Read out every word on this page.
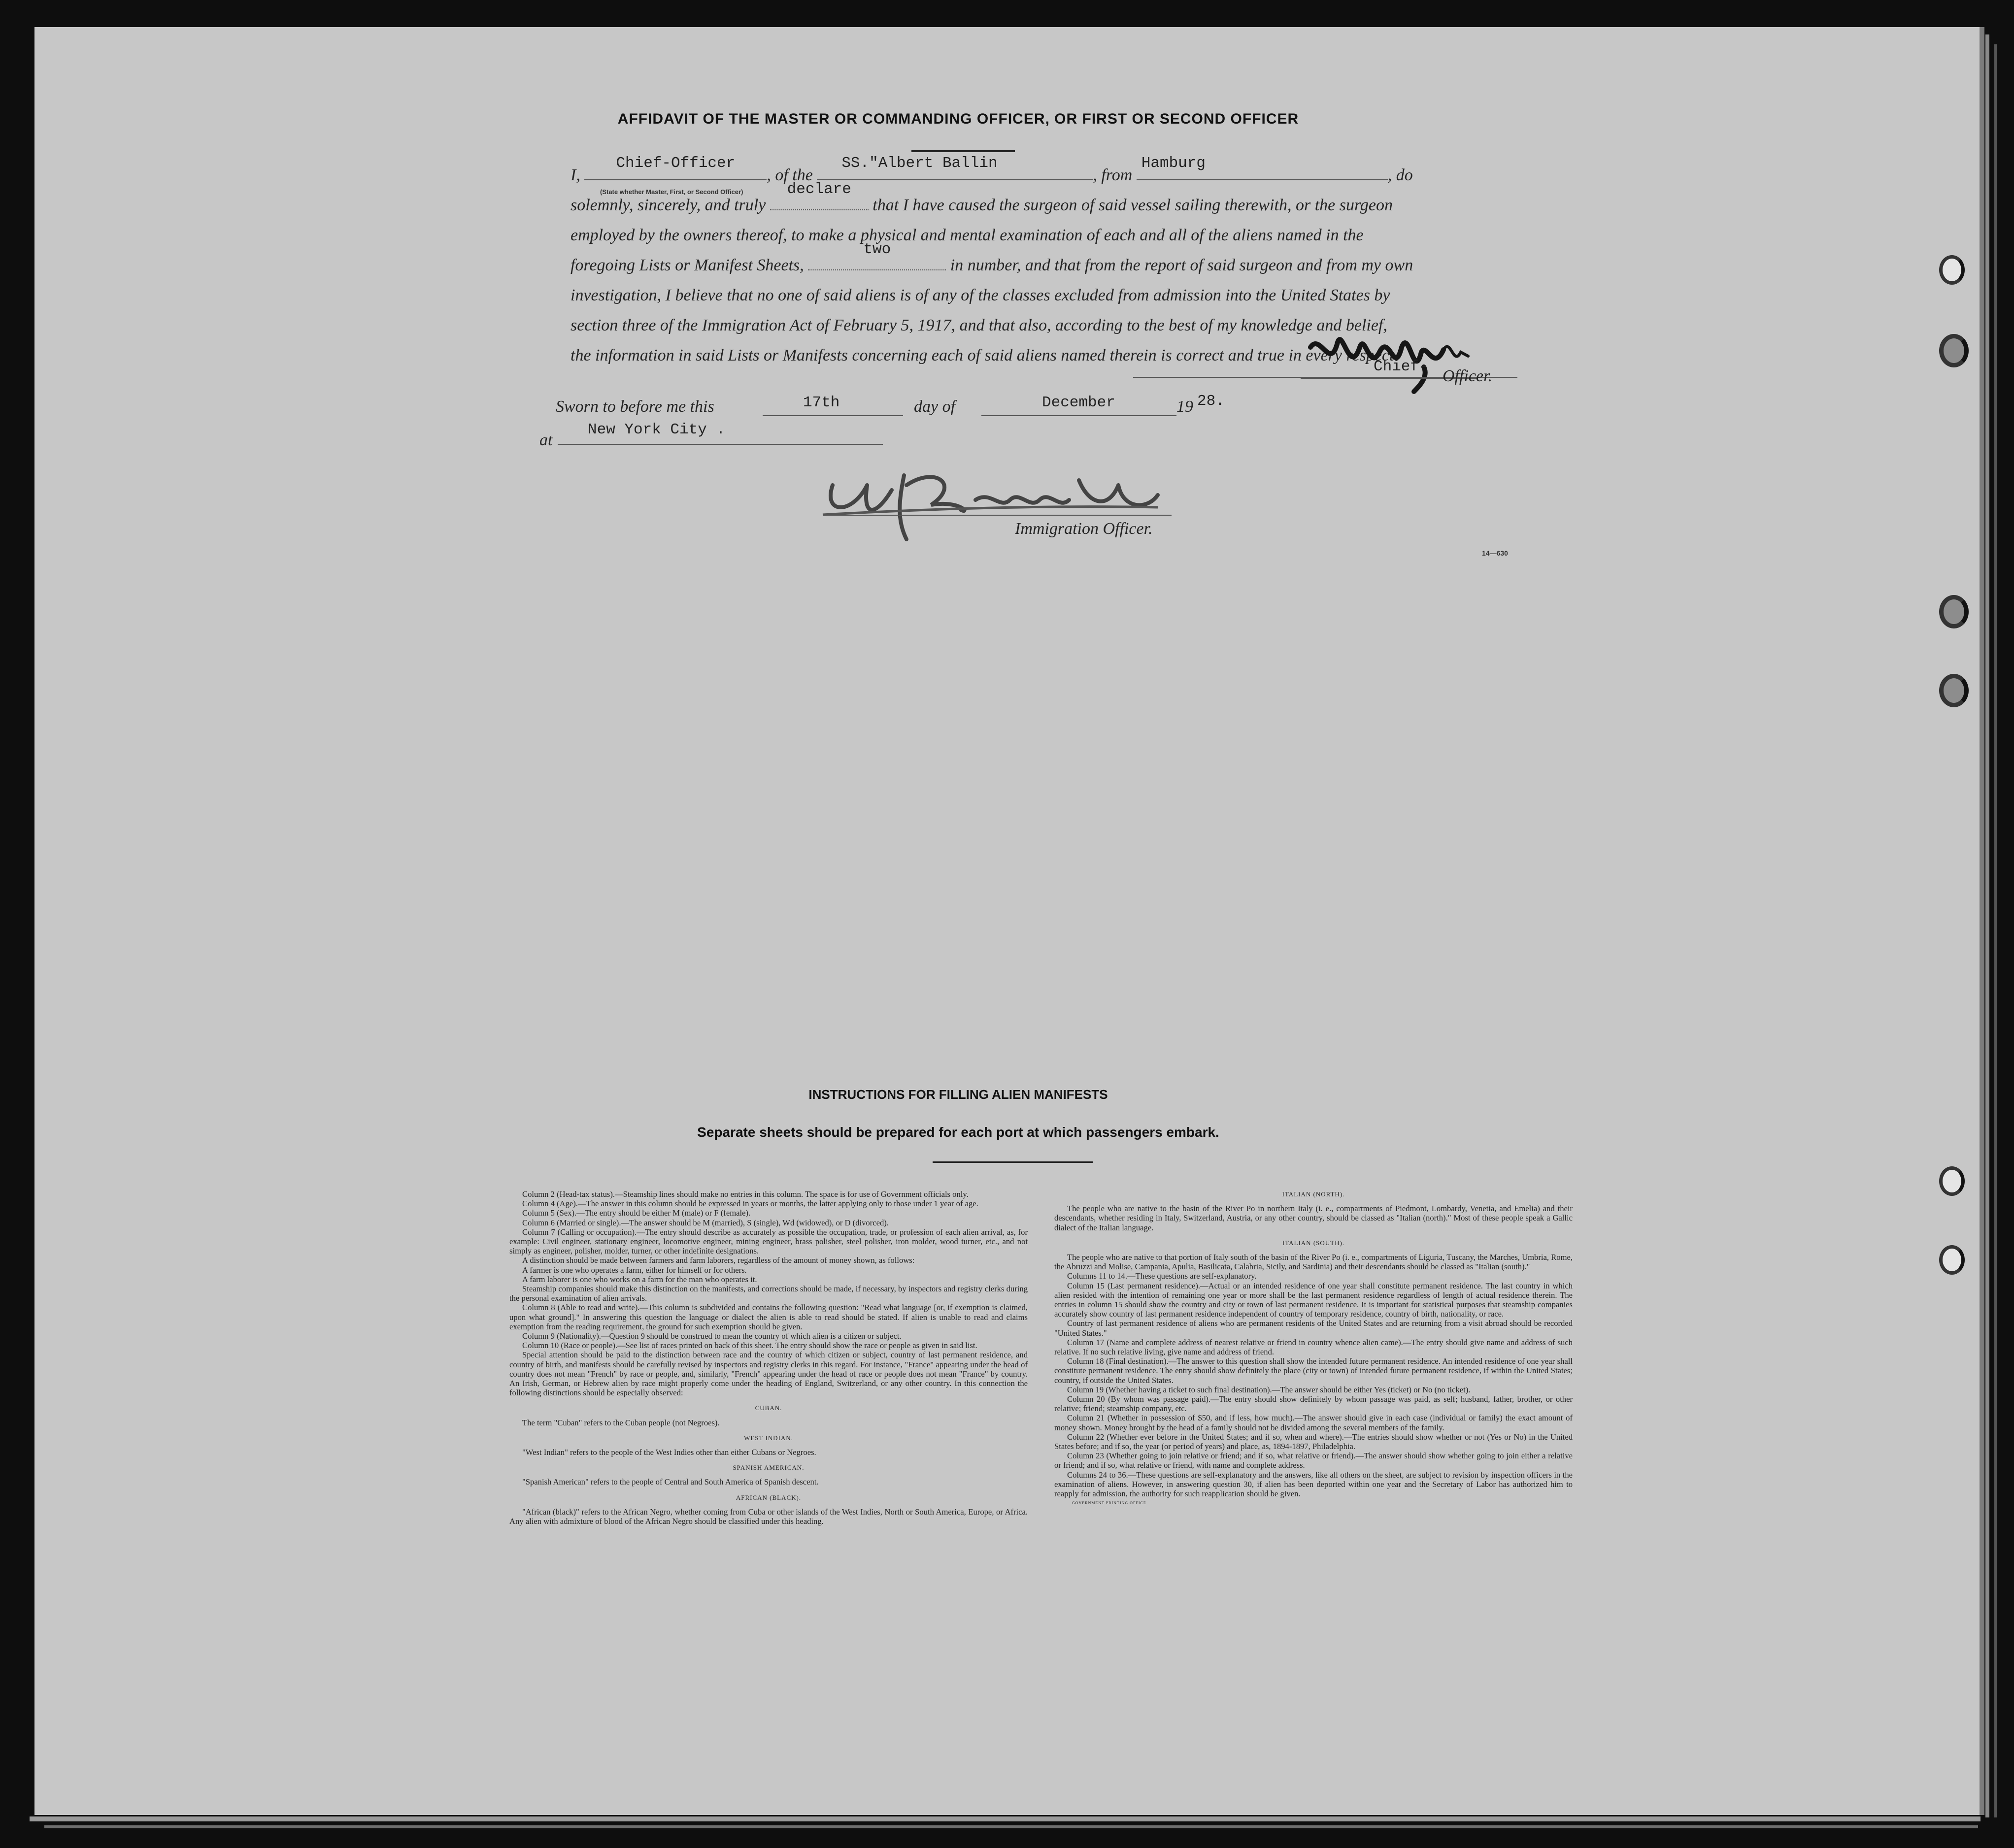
AFFIDAVIT OF THE MASTER OR COMMANDING OFFICER, OR FIRST OR SECOND OFFICER
I,
Chief-Officer
, of the
SS."Albert Ballin
, from
Hamburg
, do
solemnly, sincerely, and truly
declare
that I have caused the surgeon of said vessel sailing therewith, or the surgeon
employed by the owners thereof, to make a physical and mental examination of each and all of the aliens named in the
foregoing Lists or Manifest Sheets,
two
in number, and that from the report of said surgeon and from my own
investigation, I believe that no one of said aliens is of any of the classes excluded from admission into the United States by
section three of the Immigration Act of February 5, 1917, and that also, according to the best of my knowledge and belief,
the information in said Lists or Manifests concerning each of said aliens named therein is correct and true in every respect.
(State whether Master, First, or Second Officer)
Chief-
Officer.
Sworn to before me this	17th	day of	December	19 28.
at
New York City .
Immigration Officer.
14—630
INSTRUCTIONS FOR FILLING ALIEN MANIFESTS
Separate sheets should be prepared for each port at which passengers embark.

Column 2 (Head-tax status).—Steamship lines should make no entries in this column. The space is for use of Government officials only.

Column 4 (Age).—The answer in this column should be expressed in years or months, the latter applying only to those under 1 year of age.

Column 5 (Sex).—The entry should be either M (male) or F (female).

Column 6 (Married or single).—The answer should be M (married), S (single), Wd (widowed), or D (divorced).

Column 7 (Calling or occupation).—The entry should describe as accurately as possible the occupation, trade, or profession of each alien arrival, as, for example: Civil engineer, stationary engineer, locomotive engineer, mining engineer, brass polisher, steel polisher, iron molder, wood turner, etc., and not simply as engineer, polisher, molder, turner, or other indefinite designations.

A distinction should be made between farmers and farm laborers, regardless of the amount of money shown, as follows:

A farmer is one who operates a farm, either for himself or for others.

A farm laborer is one who works on a farm for the man who operates it.

Steamship companies should make this distinction on the manifests, and corrections should be made, if necessary, by inspectors and registry clerks during the personal examination of alien arrivals.

Column 8 (Able to read and write).—This column is subdivided and contains the following question: "Read what language [or, if exemption is claimed, upon what ground]." In answering this question the language or dialect the alien is able to read should be stated. If alien is unable to read and claims exemption from the reading requirement, the ground for such exemption should be given.

Column 9 (Nationality).—Question 9 should be construed to mean the country of which alien is a citizen or subject.

Column 10 (Race or people).—See list of races printed on back of this sheet. The entry should show the race or people as given in said list.

Special attention should be paid to the distinction between race and the country of which citizen or subject, country of last permanent residence, and country of birth, and manifests should be carefully revised by inspectors and registry clerks in this regard. For instance, "France" appearing under the head of country does not mean "French" by race or people, and, similarly, "French" appearing under the head of race or people does not mean "France" by country. An Irish, German, or Hebrew alien by race might properly come under the heading of England, Switzerland, or any other country. In this connection the following distinctions should be especially observed:

CUBAN.

The term "Cuban" refers to the Cuban people (not Negroes).

WEST INDIAN.

"West Indian" refers to the people of the West Indies other than either Cubans or Negroes.

SPANISH AMERICAN.

"Spanish American" refers to the people of Central and South America of Spanish descent.

AFRICAN (BLACK).

"African (black)" refers to the African Negro, whether coming from Cuba or other islands of the West Indies, North or South America, Europe, or Africa. Any alien with admixture of blood of the African Negro should be classified under this heading.

ITALIAN (NORTH).

The people who are native to the basin of the River Po in northern Italy (i. e., compartments of Piedmont, Lombardy, Venetia, and Emelia) and their descendants, whether residing in Italy, Switzerland, Austria, or any other country, should be classed as "Italian (north)." Most of these people speak a Gallic dialect of the Italian language.

ITALIAN (SOUTH).

The people who are native to that portion of Italy south of the basin of the River Po (i. e., compartments of Liguria, Tuscany, the Marches, Umbria, Rome, the Abruzzi and Molise, Campania, Apulia, Basilicata, Calabria, Sicily, and Sardinia) and their descendants should be classed as "Italian (south)."

Columns 11 to 14.—These questions are self-explanatory.

Column 15 (Last permanent residence).—Actual or an intended residence of one year shall constitute permanent residence. The last country in which alien resided with the intention of remaining one year or more shall be the last permanent residence regardless of length of actual residence therein. The entries in column 15 should show the country and city or town of last permanent residence. It is important for statistical purposes that steamship companies accurately show country of last permanent residence independent of country of temporary residence, country of birth, nationality, or race.

Country of last permanent residence of aliens who are permanent residents of the United States and are returning from a visit abroad should be recorded "United States."

Column 17 (Name and complete address of nearest relative or friend in country whence alien came).—The entry should give name and address of such relative. If no such relative living, give name and address of friend.

Column 18 (Final destination).—The answer to this question shall show the intended future permanent residence. An intended residence of one year shall constitute permanent residence. The entry should show definitely the place (city or town) of intended future permanent residence, if within the United States; country, if outside the United States.

Column 19 (Whether having a ticket to such final destination).—The answer should be either Yes (ticket) or No (no ticket).

Column 20 (By whom was passage paid).—The entry should show definitely by whom passage was paid, as self; husband, father, brother, or other relative; friend; steamship company, etc.

Column 21 (Whether in possession of $50, and if less, how much).—The answer should give in each case (individual or family) the exact amount of money shown. Money brought by the head of a family should not be divided among the several members of the family.

Column 22 (Whether ever before in the United States; and if so, when and where).—The entries should show whether or not (Yes or No) in the United States before; and if so, the year (or period of years) and place, as, 1894-1897, Philadelphia.

Column 23 (Whether going to join relative or friend; and if so, what relative or friend).—The answer should show whether going to join either a relative or friend; and if so, what relative or friend, with name and complete address.

Columns 24 to 36.—These questions are self-explanatory and the answers, like all others on the sheet, are subject to revision by inspection officers in the examination of aliens. However, in answering question 30, if alien has been deported within one year and the Secretary of Labor has authorized him to reapply for admission, the authority for such reapplication should be given.

GOVERNMENT PRINTING OFFICE
